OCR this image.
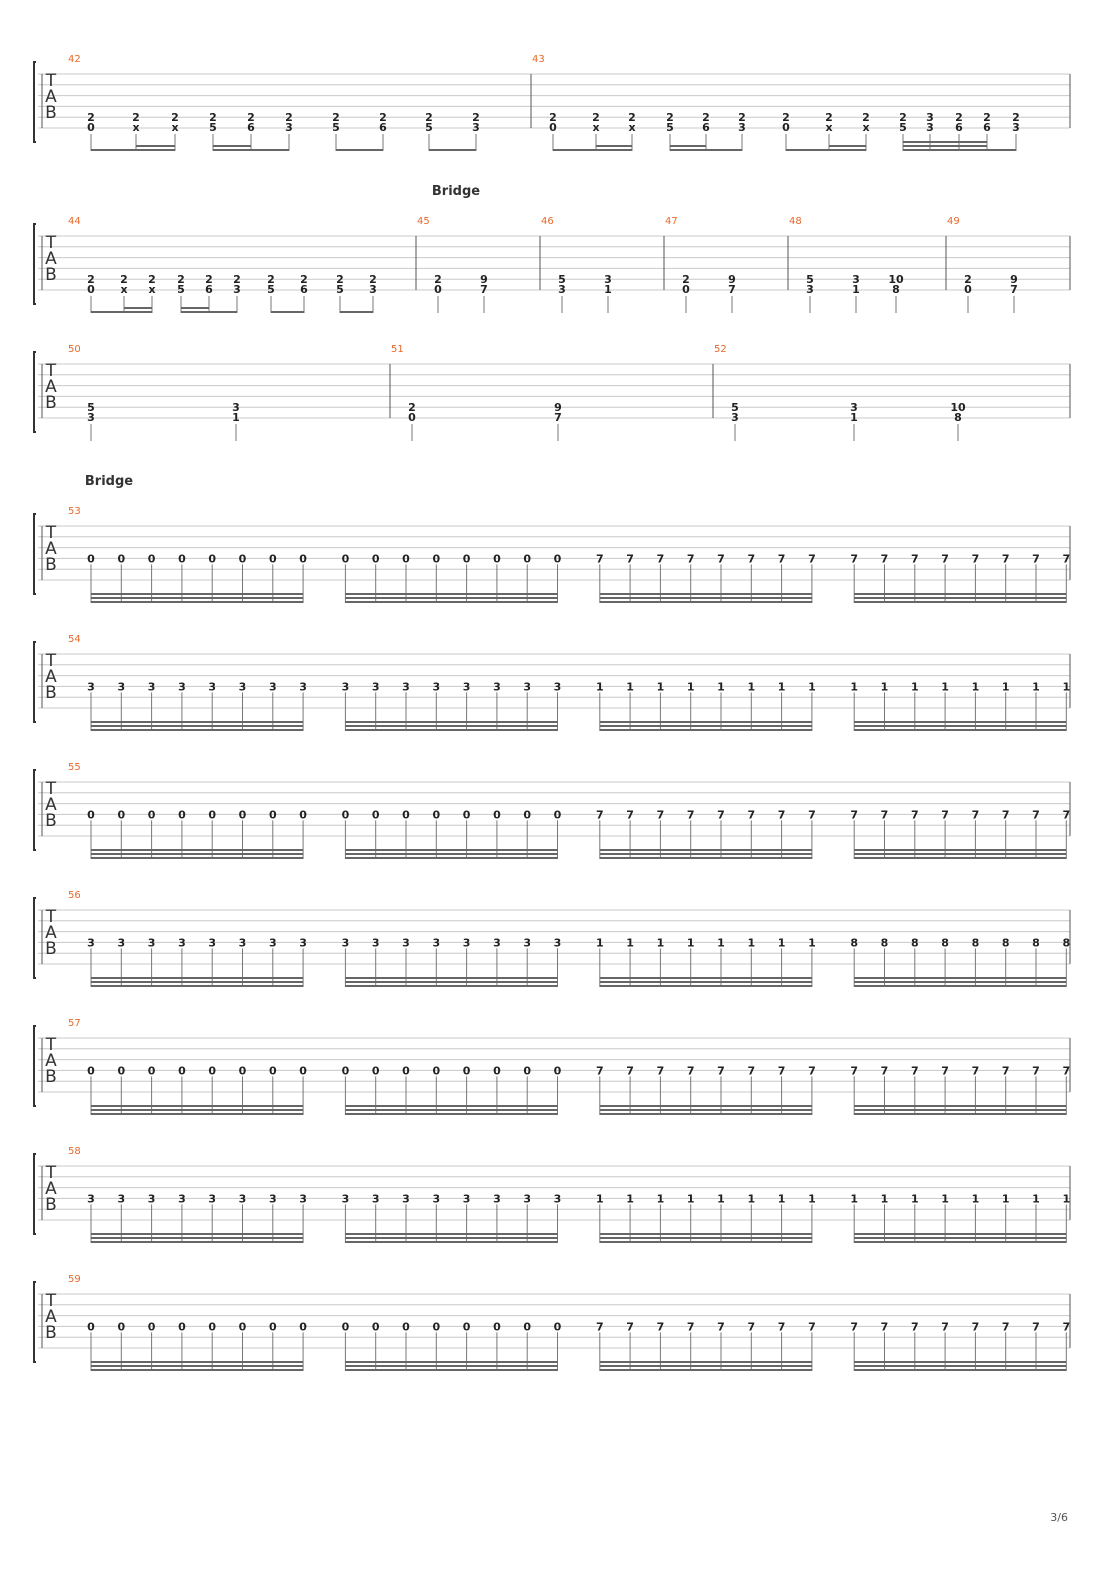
T
A
B
42
2
0
2
x
2
x
2
5
2
6
2
3
2
5
2
6
2
5
2
3
43
2
0
2
x
2
x
2
5
2
6
2
3
2
0
2
x
2
x
2
5
3
3
2
6
2
6
2
3
Bridge
T
A
B
44
2
0
2
x
2
x
2
5
2
6
2
3
2
5
2
6
2
5
2
3
45
2
0
9
7
46
5
3
3
1
47
2
0
9
7
48
5
3
3
1
10
8
49
2
0
9
7
T
A
B
50
5
3
3
1
51
2
0
9
7
52
5
3
3
1
10
8
Bridge
T
A
B
53
0 0 0 0 0 0 0 0	0 0 0 0 0 0 0 0	7 7 7 7 7 7 7 7	7 7 7 7 7 7 7 7
T
A
B
54
3 3 3 3 3 3 3 3	3 3 3 3 3 3 3 3	1 1 1 1 1 1 1 1	1 1 1 1 1 1 1 1
T
A
B
55
0 0 0 0 0 0 0 0	0 0 0 0 0 0 0 0	7 7 7 7 7 7 7 7	7 7 7 7 7 7 7 7
T
A
B
56
3 3 3 3 3 3 3 3	3 3 3 3 3 3 3 3	1 1 1 1 1 1 1 1	8 8 8 8 8 8 8 8
T
A
B
57
0 0 0 0 0 0 0 0	0 0 0 0 0 0 0 0	7 7 7 7 7 7 7 7	7 7 7 7 7 7 7 7
T
A
B
58
3 3 3 3 3 3 3 3	3 3 3 3 3 3 3 3	1 1 1 1 1 1 1 1	1 1 1 1 1 1 1 1
T
A
B
59
0 0 0 0 0 0 0 0	0 0 0 0 0 0 0 0	7 7 7 7 7 7 7 7	7 7 7 7 7 7 7 7
3/6
